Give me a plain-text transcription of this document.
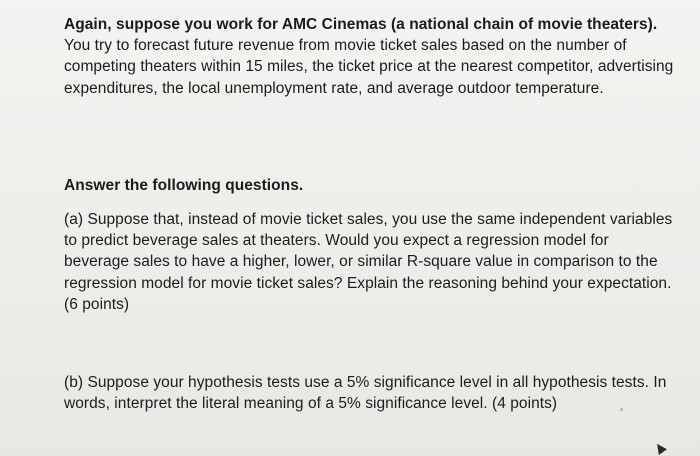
Again, suppose you work for AMC Cinemas (a national chain of movie theaters). You try to forecast future revenue from movie ticket sales based on the number of competing theaters within 15 miles, the ticket price at the nearest competitor, advertising expenditures, the local unemployment rate, and average outdoor temperature.

Answer the following questions.

(a) Suppose that, instead of movie ticket sales, you use the same independent variables to predict beverage sales at theaters. Would you expect a regression model for beverage sales to have a higher, lower, or similar R-square value in comparison to the regression model for movie ticket sales? Explain the reasoning behind your expectation. (6 points)

(b) Suppose your hypothesis tests use a 5% significance level in all hypothesis tests. In words, interpret the literal meaning of a 5% significance level. (4 points)
